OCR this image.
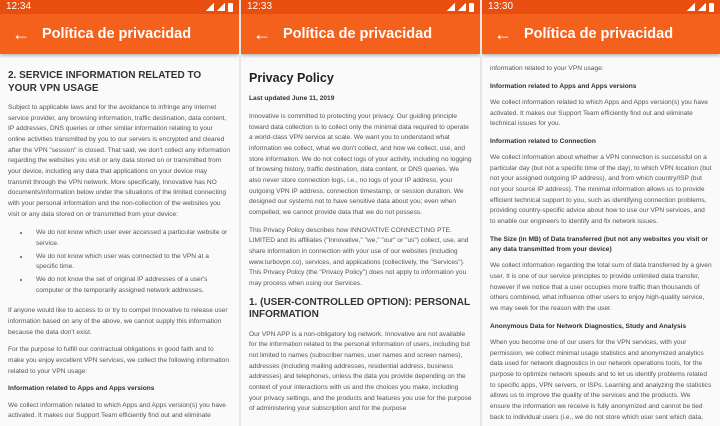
12:34
← Política de privacidad
2. SERVICE INFORMATION RELATED TO YOUR VPN USAGE

Subject to applicable laws and for the avoidance to infringe any internet service provider, any browsing information, traffic destination, data content, IP addresses, DNS queries or other similar information relating to your online activities transmitted by you to our servers is encrypted and cleared after the VPN "session" is closed. That said, we don't collect any information regarding the websites you visit or any data stored on or transmitted from your device, including any data that applications on your device may transmit through the VPN network. More specifically, Innovative has NO documents/information below under the situations of the limited connecting with your personal information and the non-collection of the websites you visit or any data stored on or transmitted from your device:

• We do not know which user ever accessed a particular website or service.
• We do not know which user was connected to the VPN at a specific time.
• We do not know the set of original IP addresses of a user's computer or the temporarily assigned network addresses.

If anyone would like to access to or try to compel Innovative to release user information based on any of the above, we cannot supply this information because the data don't exist.

For the purpose to fulfill our contractual obligations in good faith and to make you enjoy excellent VPN services, we collect the following information related to your VPN usage:

Information related to Apps and Apps versions

We collect information related to which Apps and Apps version(s) you have activated. It makes our Support Team efficiently find out and eliminate

12:33
← Política de privacidad
Privacy Policy

Last updated June 11, 2019

Innovative is committed to protecting your privacy. Our guiding principle toward data collection is to collect only the minimal data required to operate a world-class VPN service at scale. We want you to understand what information we collect, what we don't collect, and how we collect, use, and store information. We do not collect logs of your activity, including no logging of browsing history, traffic destination, data content, or DNS queries. We also never store connection logs, i.e., no logs of your IP address, your outgoing VPN IP address, connection timestamp, or session duration. We designed our systems not to have sensitive data about you; even when compelled, we cannot provide data that we do not possess.

This Privacy Policy describes how INNOVATIVE CONNECTING PTE. LIMITED and its affiliates ("Innovative," "we," "our" or "us") collect, use, and share information in connection with your use of our websites (including www.turbovpn.co), services, and applications (collectively, the "Services"). This Privacy Policy (the "Privacy Policy") does not apply to information you may process when using our Services.

1. (USER-CONTROLLED OPTION): PERSONAL INFORMATION

Our VPN APP is a non-obligatory log network. Innovative are not available for the information related to the personal information of users, including but not limited to names (subscriber names, user names and screen names), addresses (including mailing addresses, residential address, business addresses) and telephones, unless the data you provide depending on the context of your interactions with us and the choices you make, including your privacy settings, and the products and features you use for the purpose of administering your subscription and for the purpose

13:30
← Política de privacidad

information related to your VPN usage:

Information related to Apps and Apps versions

We collect information related to which Apps and Apps version(s) you have activated. It makes our Support Team efficiently find out and eliminate technical issues for you.

Information related to Connection

We collect information about whether a VPN connection is successful on a particular day (but not a specific time of the day), to which VPN location (but not your assigned outgoing IP address), and from which country/ISP (but not your source IP address). The minimal information allows us to provide efficient technical support to you, such as identifying connection problems, providing country-specific advice about how to use our VPN services, and to enable our engineers to identify and fix network issues.

The Size (in MB) of Data transferred (but not any websites you visit or any data transmitted from your device)

We collect information regarding the total sum of data transferred by a given user. It is one of our service principles to provide unlimited data transfer, however if we notice that a user occupies more traffic than thousands of others combined, what influence other users to enjoy high-quality service, we may seek for the reason with the user.

Anonymous Data for Network Diagnostics, Study and Analysis

When you become one of our users for the VPN services, with your permission, we collect minimal usage statistics and anonymized analytics data used for network diagnostics in our network operations tools, for the purpose to optimize network speeds and to let us identify problems related to specific apps, VPN servers, or ISPs. Learning and analyzing the statistics allows us to improve the quality of the services and the products. We ensure the information we receive is fully anonymized and cannot be tied back to individual users (i.e., we do not store which user sent which data,
